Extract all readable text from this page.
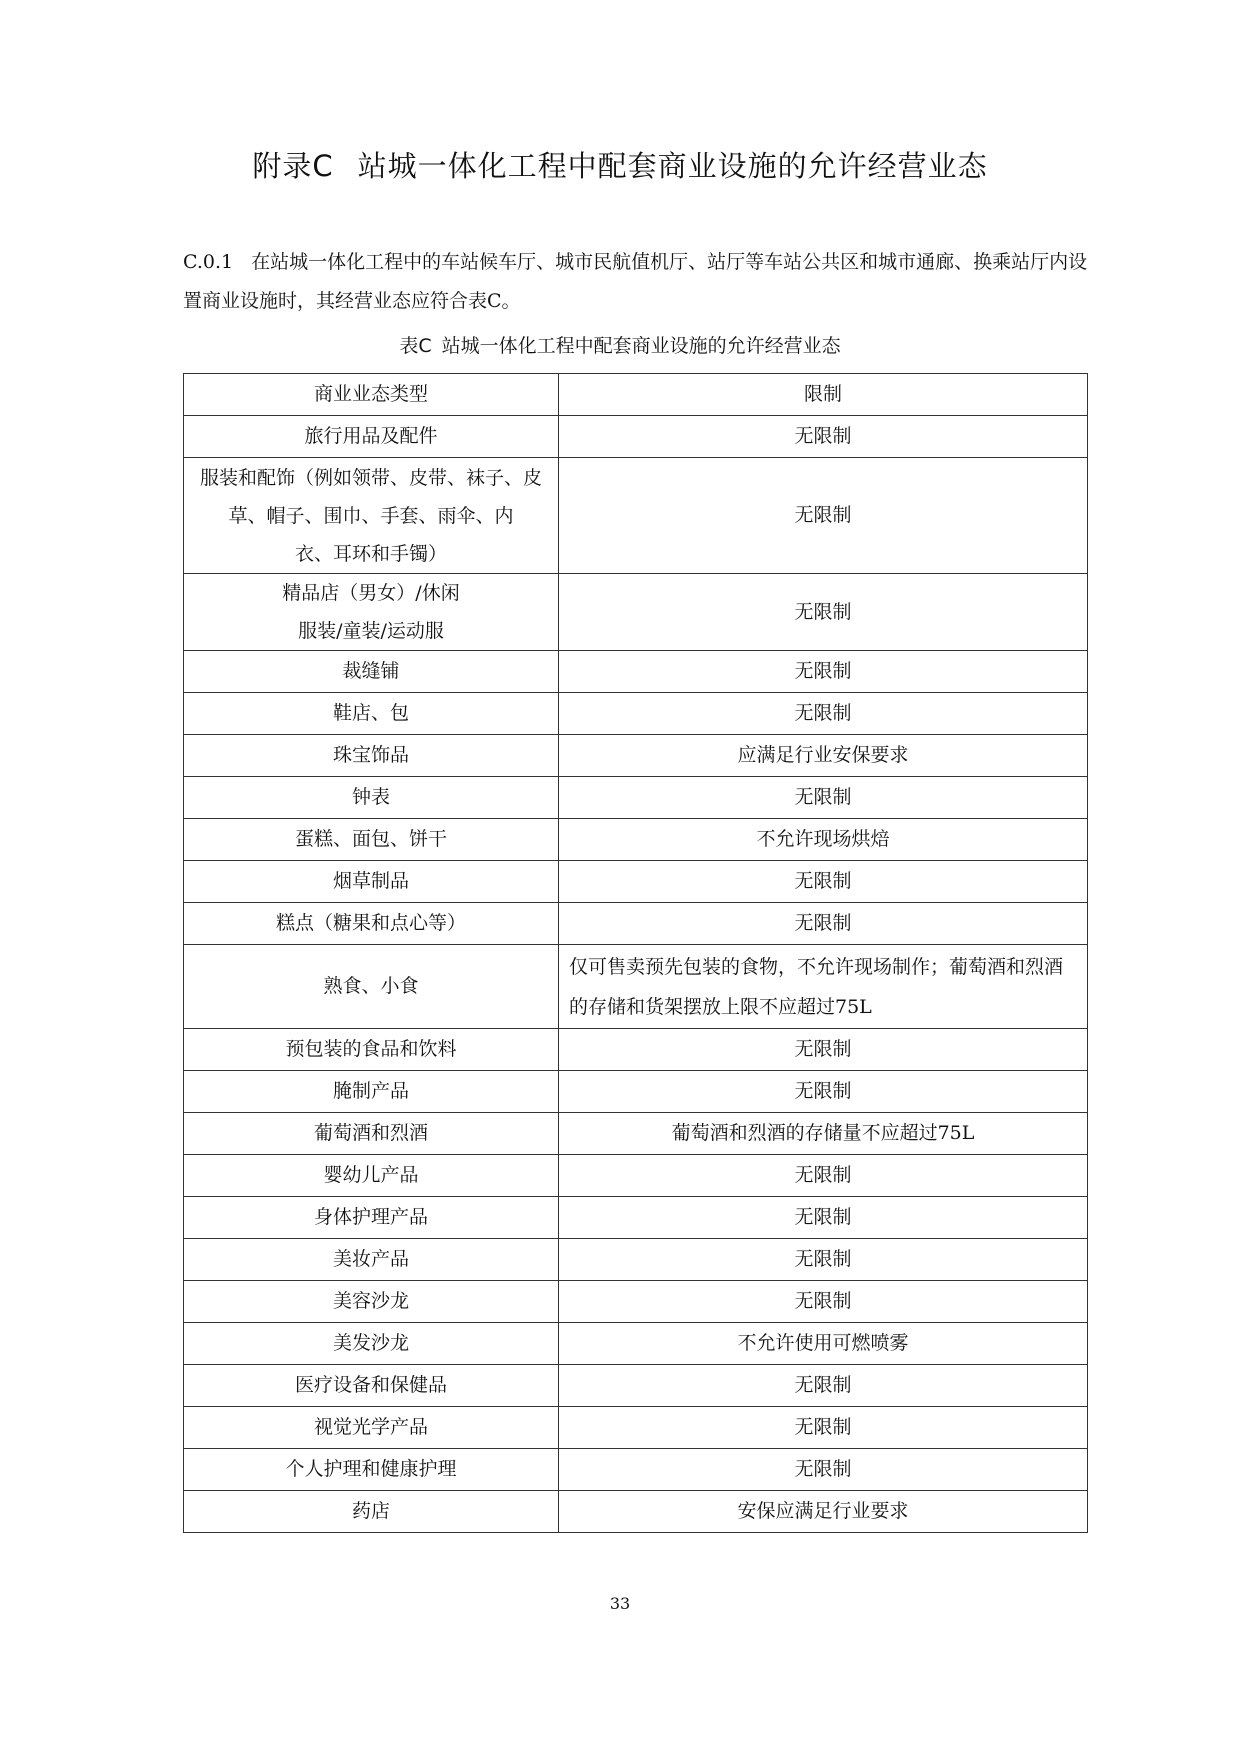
附录C 站城一体化工程中配套商业设施的允许经营业态

C.0.1 在站城一体化工程中的车站候车厅、城市民航值机厅、站厅等车站公共区和城市通廊、换乘站厅内设置商业设施时，其经营业态应符合表C。

表C 站城一体化工程中配套商业设施的允许经营业态

商业业态类型	限制
旅行用品及配件	无限制

服装和配饰（例如领带、皮带、袜子、皮
草、帽子、围巾、手套、雨伞、内
衣、耳环和手镯）	无限制

精品店（男女）/休闲
服装/童装/运动服	无限制
裁缝铺	无限制
鞋店、包	无限制
珠宝饰品	应满足行业安保要求
钟表	无限制
蛋糕、面包、饼干	不允许现场烘焙
烟草制品	无限制
糕点（糖果和点心等）	无限制
熟食、小食	仅可售卖预先包装的食物，不允许现场制作；葡萄酒和烈酒的存储和货架摆放上限不应超过75L
预包装的食品和饮料	无限制
腌制产品	无限制
葡萄酒和烈酒	葡萄酒和烈酒的存储量不应超过75L
婴幼儿产品	无限制
身体护理产品	无限制
美妆产品	无限制
美容沙龙	无限制
美发沙龙	不允许使用可燃喷雾
医疗设备和保健品	无限制
视觉光学产品	无限制
个人护理和健康护理	无限制
药店	安保应满足行业要求

33
